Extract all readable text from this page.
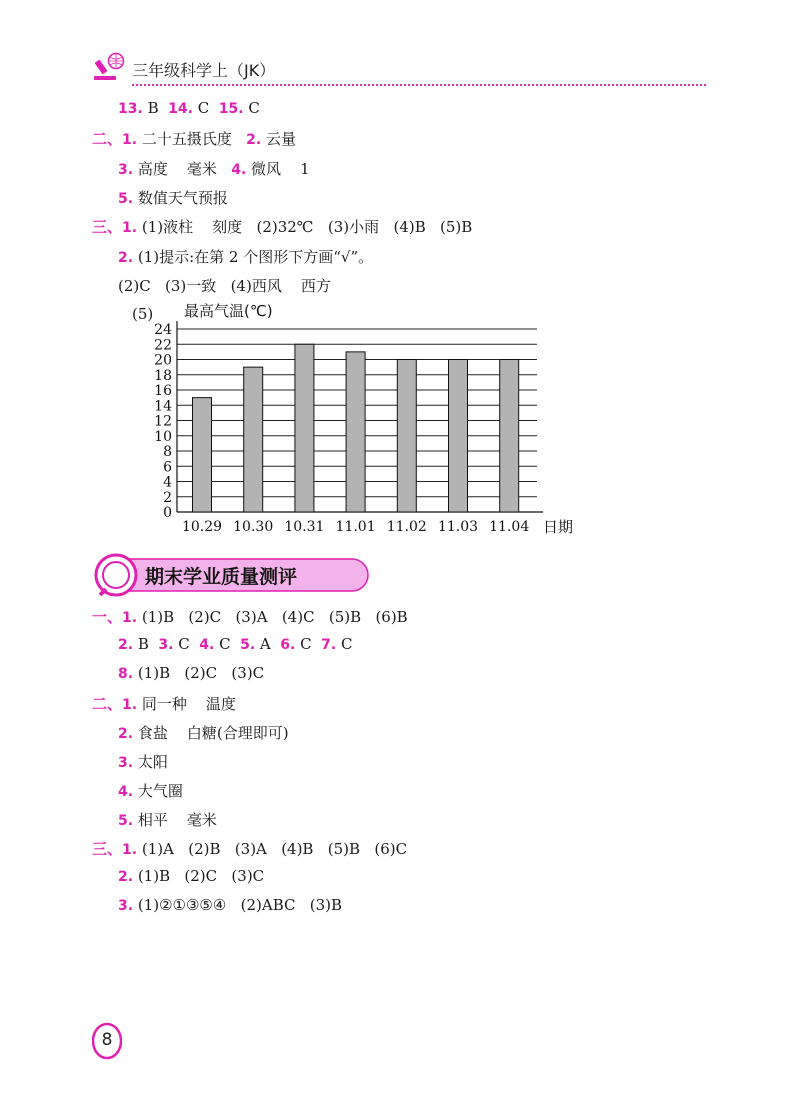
三年级科学上（JK）
13. B  14. C  15. C
二、1. 二十五摄氏度   2. 云量
3. 高度    毫米   4. 微风    1
5. 数值天气预报
三、1. (1)液柱    刻度   (2)32℃   (3)小雨   (4)B   (5)B
2. (1)提示:在第 2 个图形下方画“√”。
(2)C   (3)一致   (4)西风    西方
(5) 最高气温(℃)
0
2
4
6
8
10
12
14
16
18
20
22
24
10.29 10.30 10.31 11.01 11.02 11.03 11.04 日期
期末学业质量测评
一、1. (1)B   (2)C   (3)A   (4)C   (5)B   (6)B
2. B  3. C  4. C  5. A  6. C  7. C
8. (1)B   (2)C   (3)C
二、1. 同一种    温度
2. 食盐    白糖(合理即可)
3. 太阳
4. 大气圈
5. 相平    毫米
三、1. (1)A   (2)B   (3)A   (4)B   (5)B   (6)C
2. (1)B   (2)C   (3)C
3. (1)②①③⑤④   (2)ABC   (3)B
8
